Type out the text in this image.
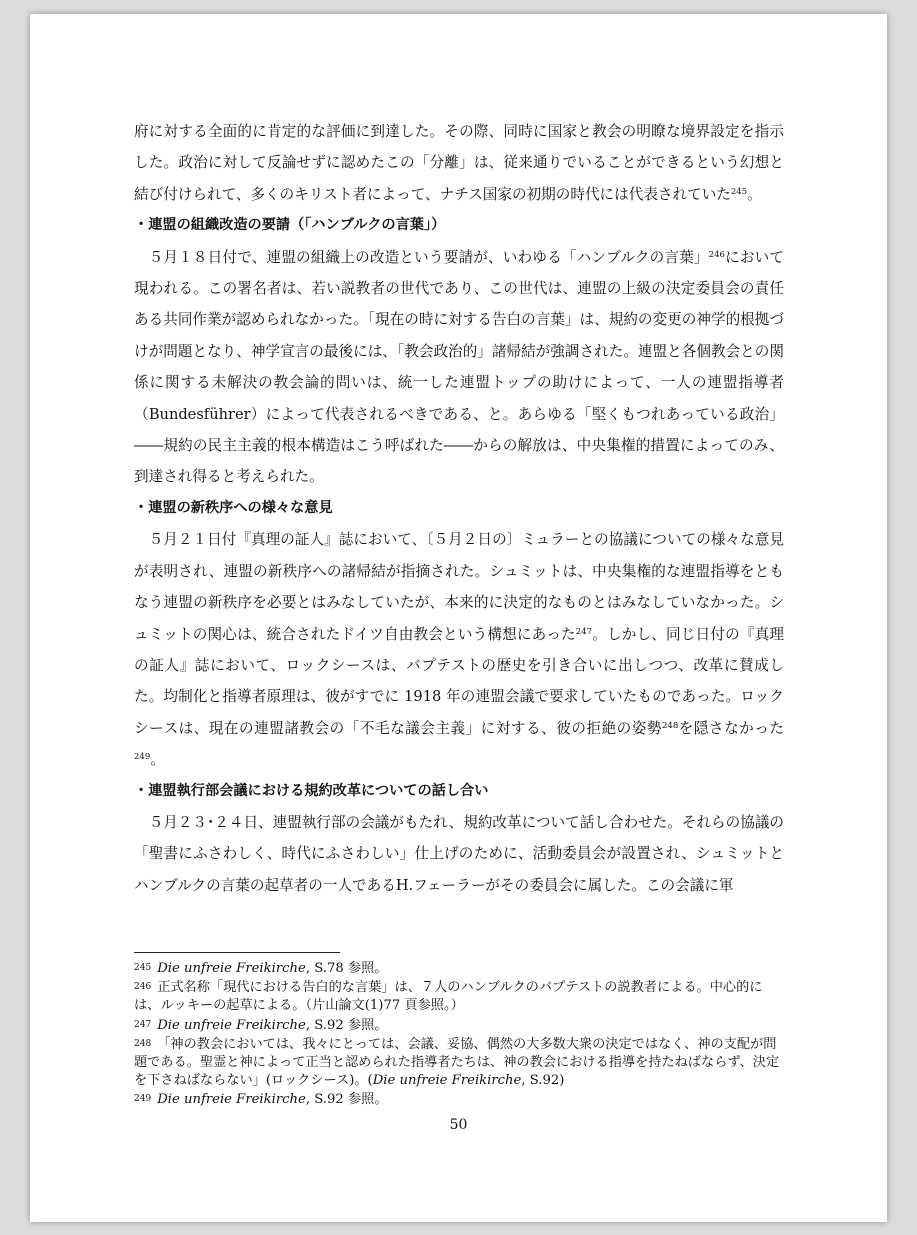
府に対する全面的に肯定的な評価に到達した。その際、同時に国家と教会の明瞭な境界設定を指示した。政治に対して反論せずに認めたこの「分離」は、従来通りでいることができるという幻想と結び付けられて、多くのキリスト者によって、ナチス国家の初期の時代には代表されていた$^{245}$。

・連盟の組織改造の要請（「ハンブルクの言葉」）

５月１８日付で、連盟の組織上の改造という要請が、いわゆる「ハンブルクの言葉」$^{246}$において現われる。この署名者は、若い説教者の世代であり、この世代は、連盟の上級の決定委員会の責任ある共同作業が認められなかった。「現在の時に対する告白の言葉」は、規約の変更の神学的根拠づけが問題となり、神学宣言の最後には、「教会政治的」諸帰結が強調された。連盟と各個教会との関係に関する未解決の教会論的問いは、統一した連盟トップの助けによって、一人の連盟指導者（Bundesführer）によって代表されるべきである、と。あらゆる「堅くもつれあっている政治」――規約の民主主義的根本構造はこう呼ばれた――からの解放は、中央集権的措置によってのみ、到達され得ると考えられた。

・連盟の新秩序への様々な意見

５月２１日付『真理の証人』誌において、〔５月２日の〕ミュラーとの協議についての様々な意見が表明され、連盟の新秩序への諸帰結が指摘された。シュミットは、中央集権的な連盟指導をともなう連盟の新秩序を必要とはみなしていたが、本来的に決定的なものとはみなしていなかった。シュミットの関心は、統合されたドイツ自由教会という構想にあった$^{247}$。しかし、同じ日付の『真理の証人』誌において、ロックシースは、バプテストの歴史を引き合いに出しつつ、改革に賛成した。均制化と指導者原理は、彼がすでに 1918 年の連盟会議で要求していたものであった。ロックシースは、現在の連盟諸教会の「不毛な議会主義」に対する、彼の拒絶の姿勢$^{248}$を隠さなかった$^{249}$。

・連盟執行部会議における規約改革についての話し合い

５月２３･２４日、連盟執行部の会議がもたれ、規約改革について話し合わせた。それらの協議の「聖書にふさわしく、時代にふさわしい」仕上げのために、活動委員会が設置され、シュミットとハンブルクの言葉の起草者の一人であるH.フェーラーがその委員会に属した。この会議に軍

245 Die unfreie Freikirche, S.78 参照。

246 正式名称「現代における告白的な言葉」は、７人のハンブルクのバプテストの説教者による。中心的には、ルッキーの起草による。（片山論文(1)77 頁参照。）

247 Die unfreie Freikirche, S.92 参照。

248 「神の教会においては、我々にとっては、会議、妥協、偶然の大多数大衆の決定ではなく、神の支配が問題である。聖霊と神によって正当と認められた指導者たちは、神の教会における指導を持たねばならず、決定を下さねばならない」(ロックシース)。(Die unfreie Freikirche, S.92)

249 Die unfreie Freikirche, S.92 参照。

50
